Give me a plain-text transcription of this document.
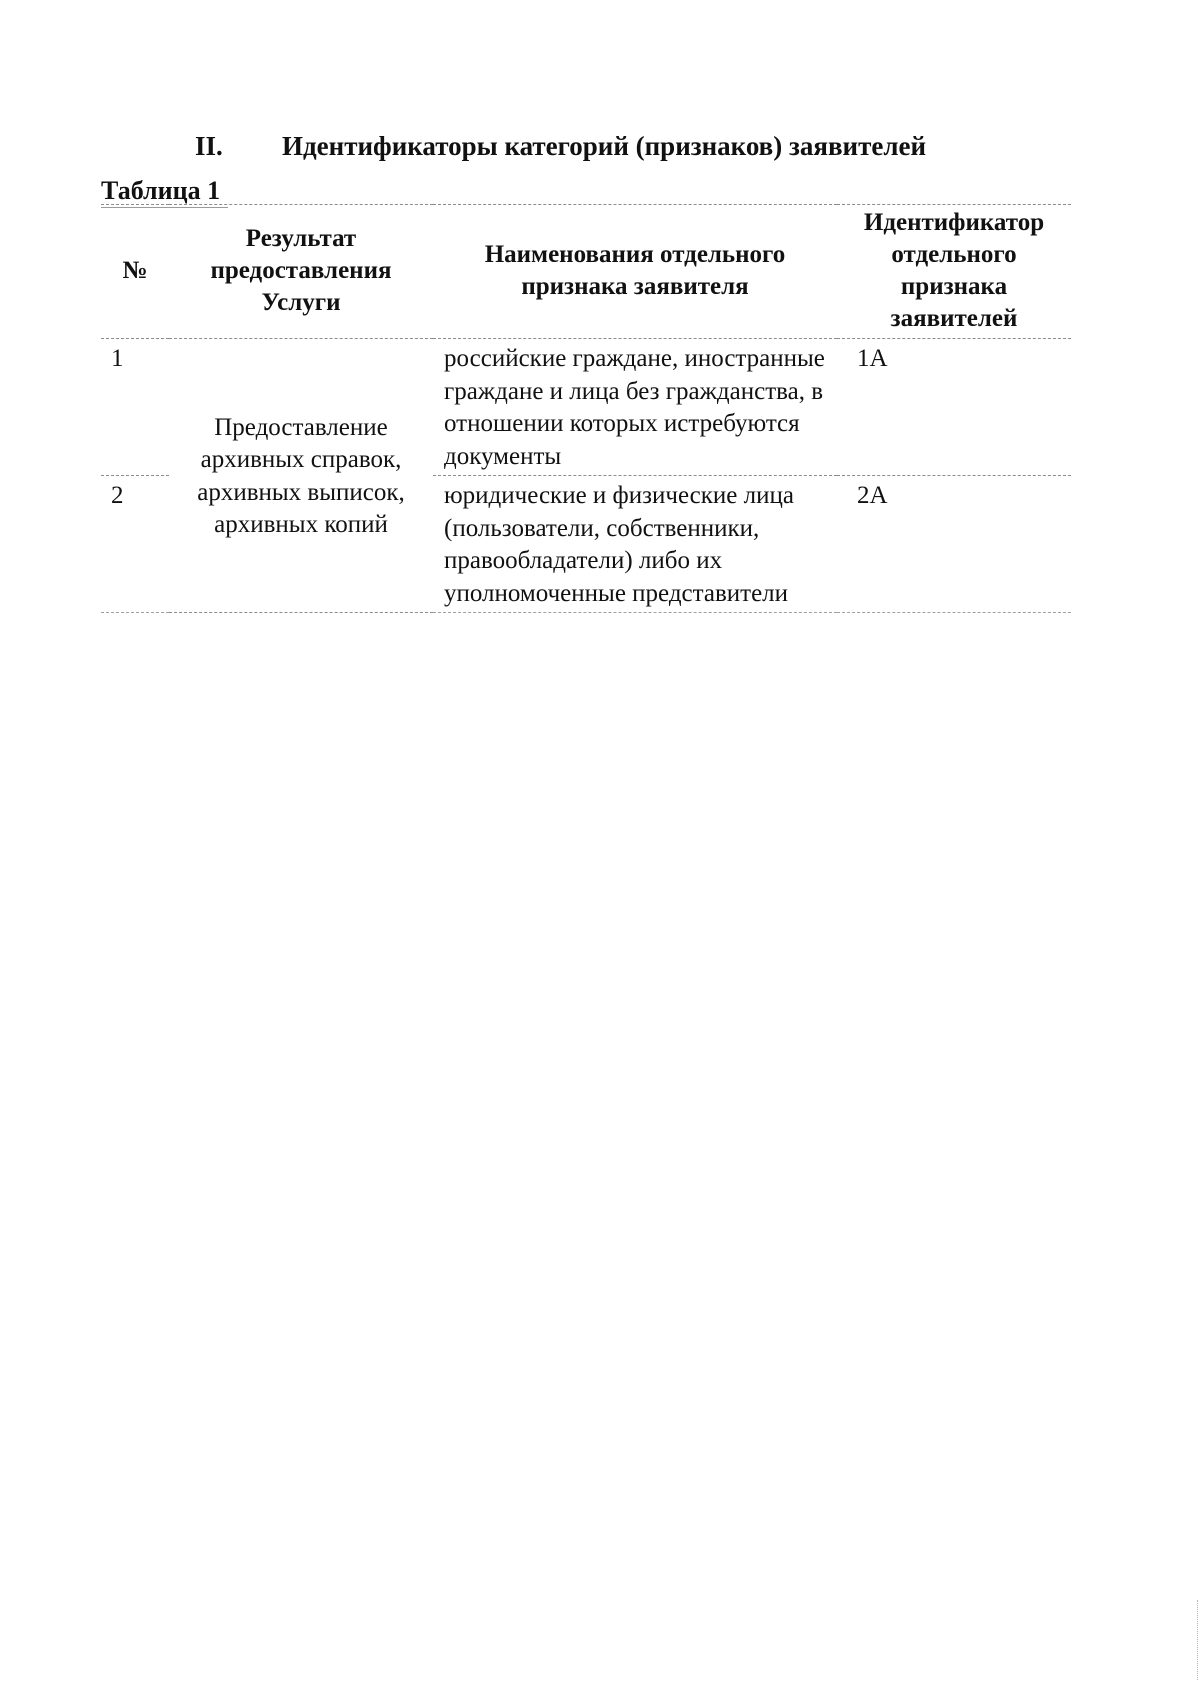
II. Идентификаторы категорий (признаков) заявителей
Таблица 1
№	Результат предоставления Услуги	Наименования отдельного признака заявителя	Идентификатор отдельного признака заявителей
1	Предоставление архивных справок, архивных выписок, архивных копий	российские граждане, иностранные граждане и лица без гражданства, в отношении которых истребуются документы	1А
2		юридические и физические лица (пользователи, собственники, правообладатели) либо их уполномоченные представители	2А
